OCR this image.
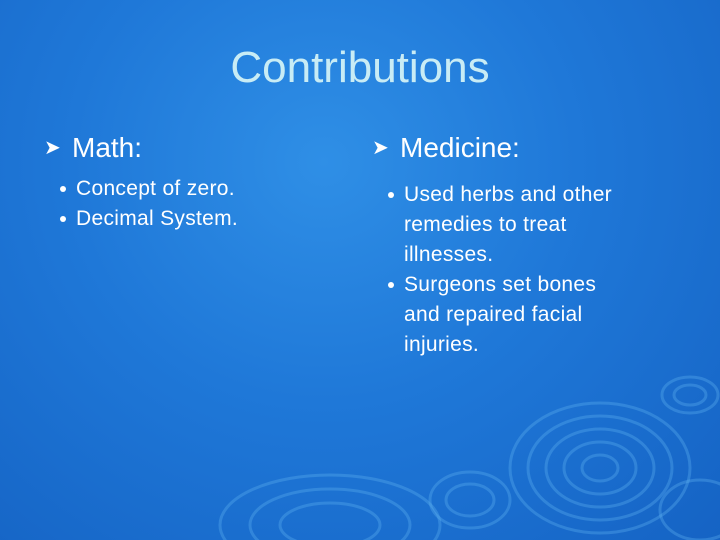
Contributions
➤ Math:
Concept of zero.
Decimal System.
➤ Medicine:
Used herbs and other remedies to treat illnesses.
Surgeons set bones and repaired facial injuries.
